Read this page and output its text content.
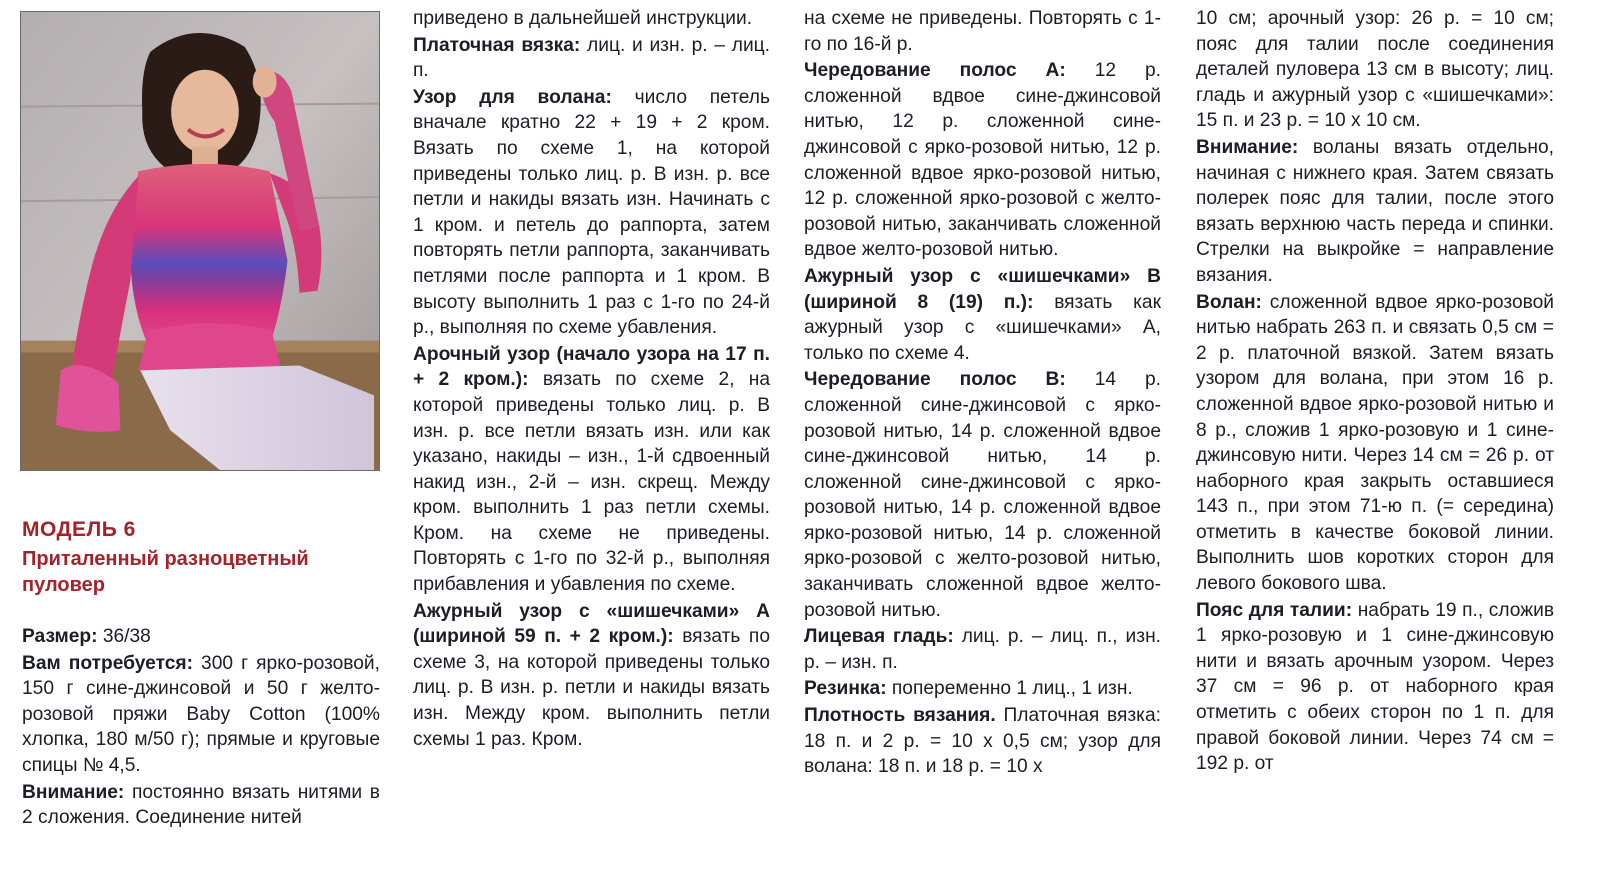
МОДЕЛЬ 6
Приталенный разноцветный пуловер

Размер: 36/38

Вам потребуется: 300 г ярко-розовой, 150 г сине-джинсовой и 50 г желто-розовой пряжи Baby Cotton (100% хлопка, 180 м/50 г); прямые и круговые спицы № 4,5.

Внимание: постоянно вязать нитями в 2 сложения. Соединение нитей

приведено в дальнейшей инструкции.

Платочная вязка: лиц. и изн. р. – лиц. п.

Узор для волана: число петель вначале кратно 22 + 19 + 2 кром. Вязать по схеме 1, на которой приведены только лиц. р. В изн. р. все петли и накиды вязать изн. Начинать с 1 кром. и петель до раппорта, затем повторять петли раппорта, заканчивать петлями после раппорта и 1 кром. В высоту выполнить 1 раз с 1-го по 24-й р., выполняя по схеме убавления.

Арочный узор (начало узора на 17 п. + 2 кром.): вязать по схеме 2, на которой приведены только лиц. р. В изн. р. все петли вязать изн. или как указано, накиды – изн., 1-й сдвоенный накид изн., 2-й – изн. скрещ. Между кром. выполнить 1 раз петли схемы. Кром. на схеме не приведены. Повторять с 1-го по 32-й р., выполняя прибавления и убавления по схеме.

Ажурный узор с «шишечками» А (шириной 59 п. + 2 кром.): вязать по схеме 3, на которой приведены только лиц. р. В изн. р. петли и накиды вязать изн. Между кром. выполнить петли схемы 1 раз. Кром.

на схеме не приведены. Повторять с 1-го по 16-й р.

Чередование полос А: 12 р. сложенной вдвое сине-джинсовой нитью, 12 р. сложенной сине-джинсовой с ярко-розовой нитью, 12 р. сложенной вдвое ярко-розовой нитью, 12 р. сложенной ярко-розовой с желто-розовой нитью, заканчивать сложенной вдвое желто-розовой нитью.

Ажурный узор с «шишечками» В (шириной 8 (19) п.): вязать как ажурный узор с «шишечками» А, только по схеме 4.

Чередование полос В: 14 р. сложенной сине-джинсовой с ярко-розовой нитью, 14 р. сложенной вдвое сине-джинсовой нитью, 14 р. сложенной сине-джинсовой с ярко-розовой нитью, 14 р. сложенной вдвое ярко-розовой нитью, 14 р. сложенной ярко-розовой с желто-розовой нитью, заканчивать сложенной вдвое желто-розовой нитью.

Лицевая гладь: лиц. р. – лиц. п., изн. р. – изн. п.

Резинка: попеременно 1 лиц., 1 изн.

Плотность вязания. Платочная вязка: 18 п. и 2 р. = 10 х 0,5 см; узор для волана: 18 п. и 18 р. = 10 х

10 см; арочный узор: 26 р. = 10 см; пояс для талии после соединения деталей пуловера 13 см в высоту; лиц. гладь и ажурный узор с «шишечками»: 15 п. и 23 р. = 10 х 10 см.

Внимание: воланы вязать отдельно, начиная с нижнего края. Затем связать полерек пояс для талии, после этого вязать верхнюю часть переда и спинки. Стрелки на выкройке = направление вязания.

Волан: сложенной вдвое ярко-розовой нитью набрать 263 п. и связать 0,5 см = 2 р. платочной вязкой. Затем вязать узором для волана, при этом 16 р. сложенной вдвое ярко-розовой нитью и 8 р., сложив 1 ярко-розовую и 1 сине-джинсовую нити. Через 14 см = 26 р. от наборного края закрыть оставшиеся 143 п., при этом 71-ю п. (= середина) отметить в качестве боковой линии. Выполнить шов коротких сторон для левого бокового шва.

Пояс для талии: набрать 19 п., сложив 1 ярко-розовую и 1 сине-джинсовую нити и вязать арочным узором. Через 37 см = 96 р. от наборного края отметить с обеих сторон по 1 п. для правой боковой линии. Через 74 см = 192 р. от
